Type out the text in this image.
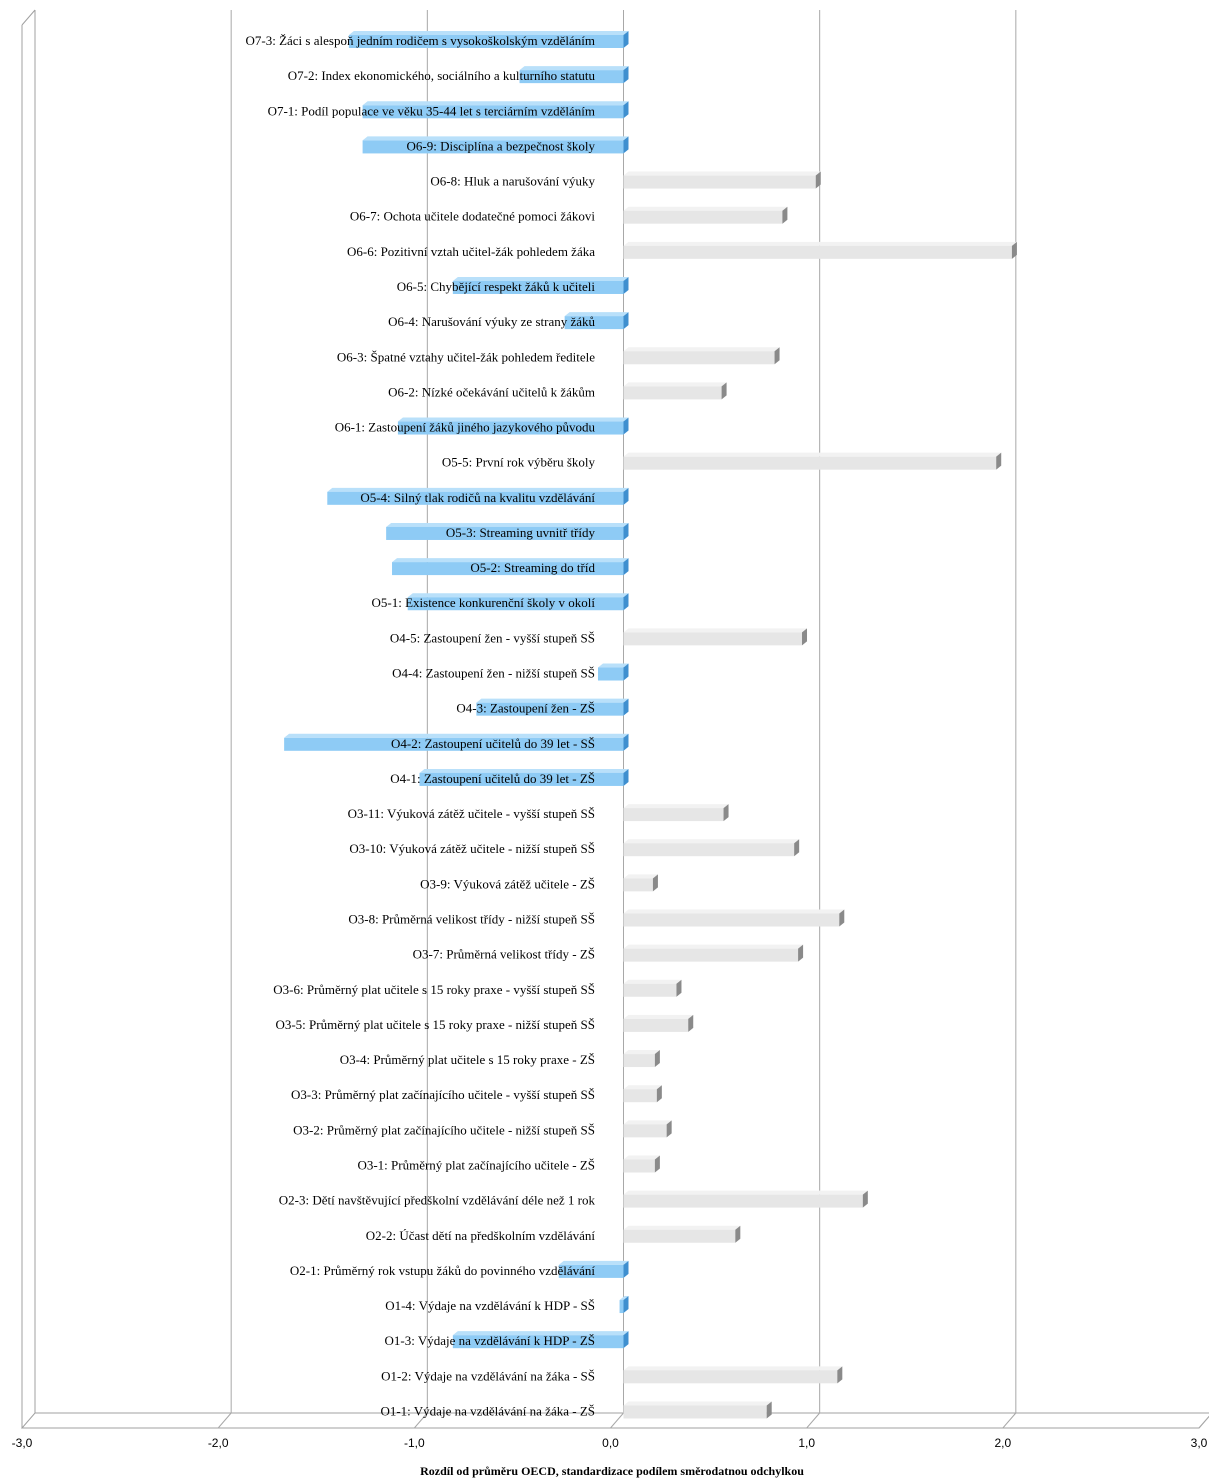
O7-3: Žáci s alespoň jedním rodičem s vysokoškolským vzděláním
O7-2: Index ekonomického, sociálního a kulturního statutu
O7-1: Podíl populace ve věku 35-44 let s terciárním vzděláním
O6-9: Disciplína a bezpečnost školy
O6-8: Hluk a narušování výuky
O6-7: Ochota učitele dodatečné pomoci žákovi
O6-6: Pozitivní vztah učitel-žák pohledem žáka
O6-5: Chybějící respekt žáků k učiteli
O6-4: Narušování výuky ze strany žáků
O6-3: Špatné vztahy učitel-žák pohledem ředitele
O6-2: Nízké očekávání učitelů k žákům
O6-1: Zastoupení žáků jiného jazykového původu
O5-5: První rok výběru školy
O5-4: Silný tlak rodičů na kvalitu vzdělávání
O5-3: Streaming uvnitř třídy
O5-2: Streaming do tříd
O5-1: Existence konkurenční školy v okolí
O4-5: Zastoupení žen - vyšší stupeň SŠ
O4-4: Zastoupení žen - nižší stupeň SŠ
O4-3: Zastoupení žen - ZŠ
O4-2: Zastoupení učitelů do 39 let - SŠ
O4-1: Zastoupení učitelů do 39 let - ZŠ
O3-11: Výuková zátěž učitele - vyšší stupeň SŠ
O3-10: Výuková zátěž učitele - nižší stupeň SŠ
O3-9: Výuková zátěž učitele - ZŠ
O3-8: Průměrná velikost třídy - nižší stupeň SŠ
O3-7: Průměrná velikost třídy - ZŠ
O3-6: Průměrný plat učitele s 15 roky praxe - vyšší stupeň SŠ
O3-5: Průměrný plat učitele s 15 roky praxe - nižší stupeň SŠ
O3-4: Průměrný plat učitele s 15 roky praxe - ZŠ
O3-3: Průměrný plat začínajícího učitele - vyšší stupeň SŠ
O3-2: Průměrný plat začínajícího učitele - nižší stupeň SŠ
O3-1: Průměrný plat začínajícího učitele - ZŠ
O2-3: Dětí navštěvující předškolní vzdělávání déle než 1 rok
O2-2: Účast dětí na předškolním vzdělávání
O2-1: Průměrný rok vstupu žáků do povinného vzdělávání
O1-4: Výdaje na vzdělávání k HDP - SŠ
O1-3: Výdaje na vzdělávání k HDP - ZŠ
O1-2: Výdaje na vzdělávání na žáka - SŠ
O1-1: Výdaje na vzdělávání na žáka - ZŠ
-3,0	-2,0	-1,0	0,0	1,0	2,0	3,0
Rozdíl od průměru OECD, standardizace podílem směrodatnou odchylkou
